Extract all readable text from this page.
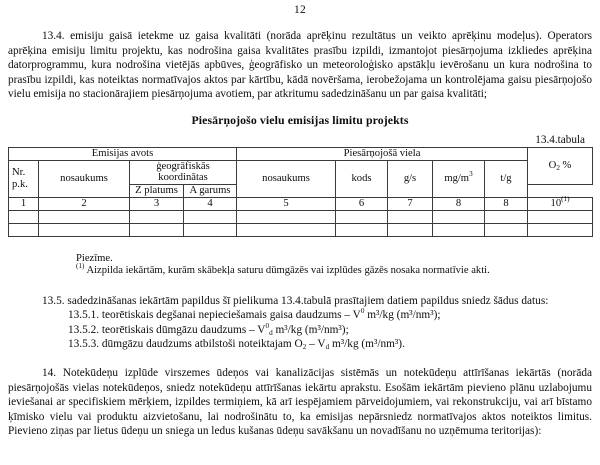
12

13.4. emisiju gaisā ietekme uz gaisa kvalitāti (norāda aprēķinu rezultātus un veikto aprēķinu modeļus). Operators aprēķina emisiju limitu projektu, kas nodrošina gaisa kvalitātes prasību izpildi, izmantojot piesārņojuma izkliedes aprēķina datorprogrammu, kura nodrošina vietējās apbūves, ģeogrāfisko un meteoroloģisko apstākļu ievērošanu un kura nodrošina to prasību izpildi, kas noteiktas normatīvajos aktos par kārtību, kādā novēršama, ierobežojama un kontrolējama gaisu piesārņojošo vielu emisija no stacionārajiem piesārņojuma avotiem, par atkritumu sadedzināšanu un par gaisa kvalitāti;

Piesārņojošo vielu emisijas limitu projekts
13.4.tabula
Emisijas avots				Piesārņojošā viela					$O_2$ %
Nr.
p.k.	nosaukums	ģeogrāfiskās koordinātas		nosaukums	kods	g/s	$mg/m^3$	t/g	
		Z platums	A garums						
1	2	3	4	5	6	7	8	8	10$^{(1)}$

Piezīme.

$^{(1)}$ Aizpilda iekārtām, kurām skābekļa saturu dūmgāzēs vai izplūdes gāzēs nosaka normatīvie akti.

13.5. sadedzināšanas iekārtām papildus šī pielikuma 13.4.tabulā prasītajiem datiem papildus sniedz šādus datus:

13.5.1. teorētiskais degšanai nepieciešamais gaisa daudzums – $V^0$ m³/kg (m³/nm³);
13.5.2. teorētiskais dūmgāzu daudzums – $V^0_d$ m³/kg (m³/nm³);
13.5.3. dūmgāzu daudzums atbilstoši noteiktajam $O_2 - V_d$ m³/kg (m³/nm³).

14. Notekūdeņu izplūde virszemes ūdeņos vai kanalizācijas sistēmās un notekūdeņu attīrīšanas iekārtās (norāda piesārņojošās vielas notekūdeņos, sniedz notekūdeņu attīrīšanas iekārtu aprakstu. Esošām iekārtām pievieno plānu uzlabojumu ieviešanai ar specifiskiem mērķiem, izpildes termiņiem, kā arī iespējamiem pārveidojumiem, vai rekonstrukciju, vai arī bīstamo ķīmisko vielu vai produktu aizvietošanu, lai nodrošinātu to, ka emisijas nepārsniedz normatīvajos aktos noteiktos limitus. Pievieno ziņas par lietus ūdeņu un sniega un ledus kušanas ūdeņu savākšanu un novadīšanu no uzņēmuma teritorijas):
